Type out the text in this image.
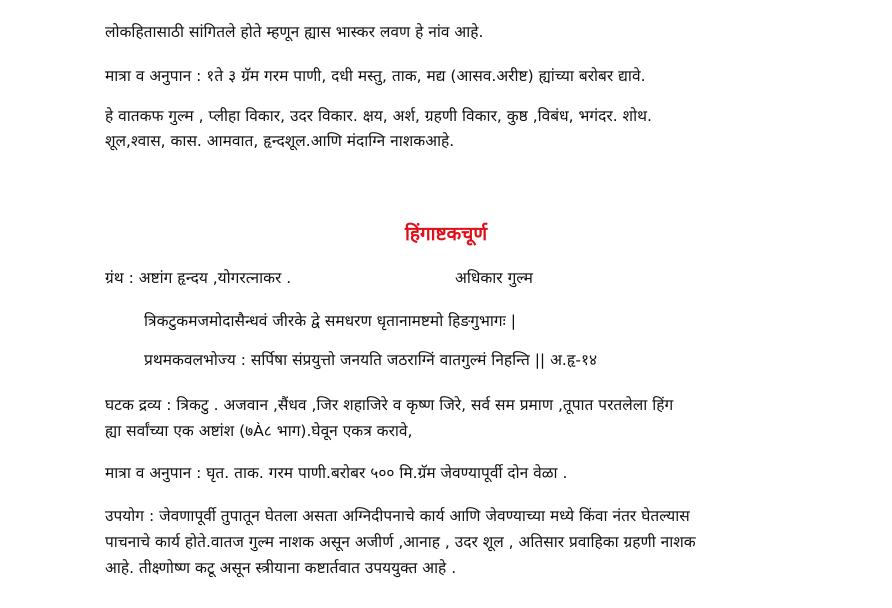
लोकहितासाठी सांगितले होते म्हणून ह्यास भास्कर लवण हे नांव आहे.
मात्रा व अनुपान : १ते ३ ग्रॅम गरम पाणी, दधी मस्तु, ताक, मद्य (आसव.अरीष्ट) ह्यांच्या बरोबर द्यावे.
हे वातकफ गुल्म , प्लीहा विकार, उदर विकार. क्षय, अर्श, ग्रहणी विकार, कुष्ठ ,विबंध, भगंदर. शोथ.
शूल,श्वास, कास. आमवात, हृन्दशूल.आणि मंदाग्नि नाशकआहे.
हिंगाष्टकचूर्ण
ग्रंथ : अष्टांग हृन्दय ,योगरत्नाकर .	अधिकार गुल्म
त्रिकटुकमजमोदासैन्धवं जीरके द्वे समधरण धृतानामष्टमो हिङगुभागः |
प्रथमकवलभोज्य : सर्पिषा संप्रयुत्तो जनयति जठराग्निं वातगुल्मं निहन्ति || अ.हृ-१४
घटक द्रव्य : त्रिकटु . अजवान ,सैंधव ,जिर शहाजिरे व कृष्ण जिरे, सर्व सम प्रमाण ,तूपात परतलेला हिंग
ह्या सर्वांच्या एक अष्टांश (७À८ भाग).घेवून एकत्र करावे,
मात्रा व अनुपान : घृत. ताक. गरम पाणी.बरोबर ५०० मि.ग्रॅम जेवण्यापूर्वी दोन वेळा .
उपयोग : जेवणापूर्वी तुपातून घेतला असता अग्निदीपनाचे कार्य आणि जेवण्याच्या मध्ये किंवा नंतर घेतल्यास
पाचनाचे कार्य होते.वातज गुल्म नाशक असून अजीर्ण ,आनाह , उदर शूल , अतिसार प्रवाहिका ग्रहणी नाशक
आहे. तीक्ष्णोष्ण कटू असून स्त्रीयाना कष्टार्तवात उपययुक्त आहे .
